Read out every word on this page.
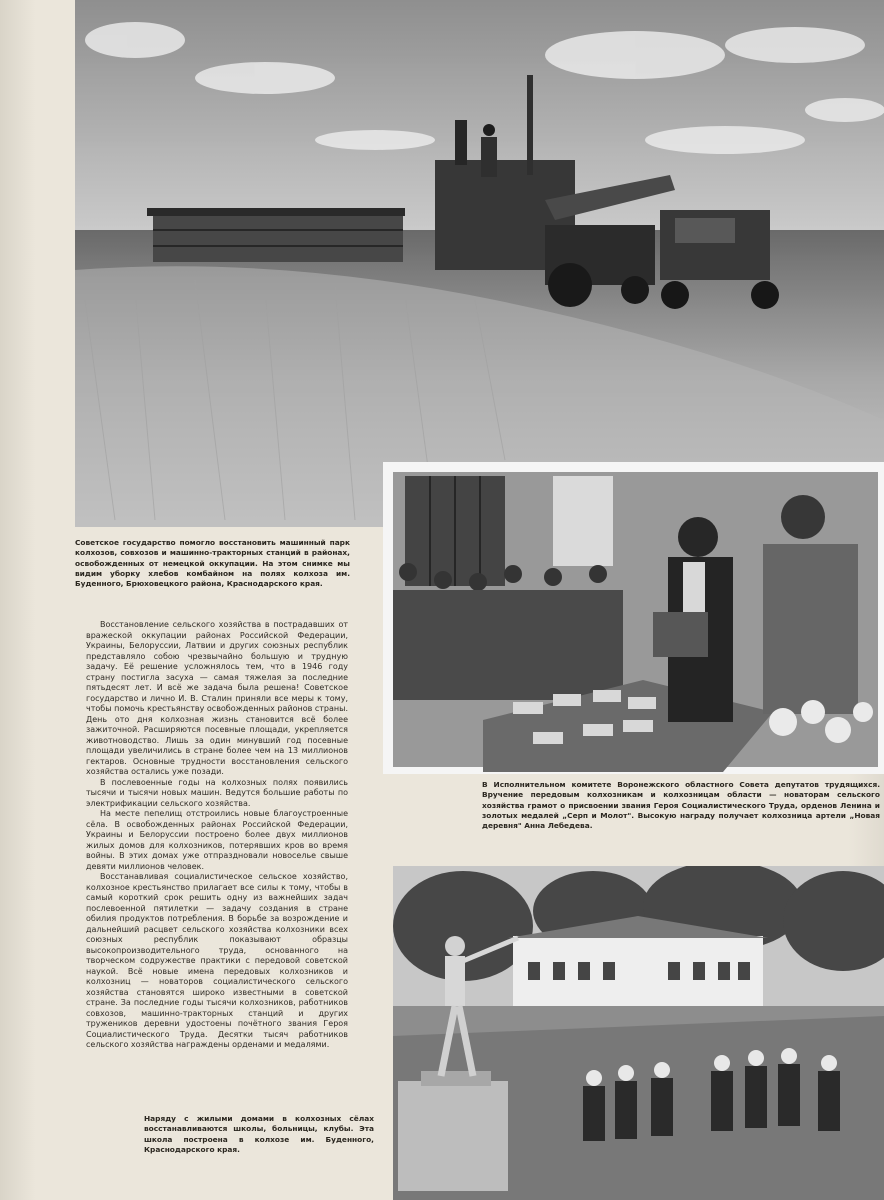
Советское государство помогло восстановить машинный парк колхозов, совхозов и машинно-тракторных станций в районах, освобожденных от немецкой оккупации. На этом снимке мы видим уборку хлебов комбайном на полях колхоза им. Буденного, Брюховецкого района, Краснодарского края.

В Исполнительном комитете Воронежского областного Совета депутатов трудящихся. Вручение передовым колхозникам и колхозницам области — новаторам сельского хозяйства грамот о присвоении звания Героя Социалистического Труда, орденов Ленина и золотых медалей „Серп и Молот". Высокую награду получает колхозница артели „Новая деревня" Анна Лебедева.

Наряду с жилыми домами в колхозных сёлах восстанавливаются школы, больницы, клубы. Эта школа построена в колхозе им. Буденного, Краснодарского края.

Восстановление сельского хозяйства в пострадавших от вражеской оккупации районах Российской Федерации, Украины, Белоруссии, Латвии и других союзных республик представляло собою чрезвычайно большую и трудную задачу. Её решение усложнялось тем, что в 1946 году страну постигла засуха — самая тяжелая за последние пятьдесят лет. И всё же задача была решена! Советское государство и лично И. В. Сталин приняли все меры к тому, чтобы помочь крестьянству освобожденных районов страны. День ото дня колхозная жизнь становится всё более зажиточной. Расширяются посевные площади, укрепляется животноводство. Лишь за один минувший год посевные площади увеличились в стране более чем на 13 миллионов гектаров. Основные трудности восстановления сельского хозяйства остались уже позади.

В послевоенные годы на колхозных полях появились тысячи и тысячи новых машин. Ведутся большие работы по электрификации сельского хозяйства.

На месте пепелищ отстроились новые благоустроенные сёла. В освобожденных районах Российской Федерации, Украины и Белоруссии построено более двух миллионов жилых домов для колхозников, потерявших кров во время войны. В этих домах уже отпраздновали новоселье свыше девяти миллионов человек.

Восстанавливая социалистическое сельское хозяйство, колхозное крестьянство прилагает все силы к тому, чтобы в самый короткий срок решить одну из важнейших задач послевоенной пятилетки — задачу создания в стране обилия продуктов потребления. В борьбе за возрождение и дальнейший расцвет сельского хозяйства колхозники всех союзных республик показывают образцы высокопроизводительного труда, основанного на творческом содружестве практики с передовой советской наукой. Всё новые имена передовых колхозников и колхозниц — новаторов социалистического сельского хозяйства становятся широко известными в советской стране. За последние годы тысячи колхозников, работников совхозов, машинно-тракторных станций и других тружеников деревни удостоены почётного звания Героя Социалистического Труда. Десятки тысяч работников сельского хозяйства награждены орденами и медалями.
